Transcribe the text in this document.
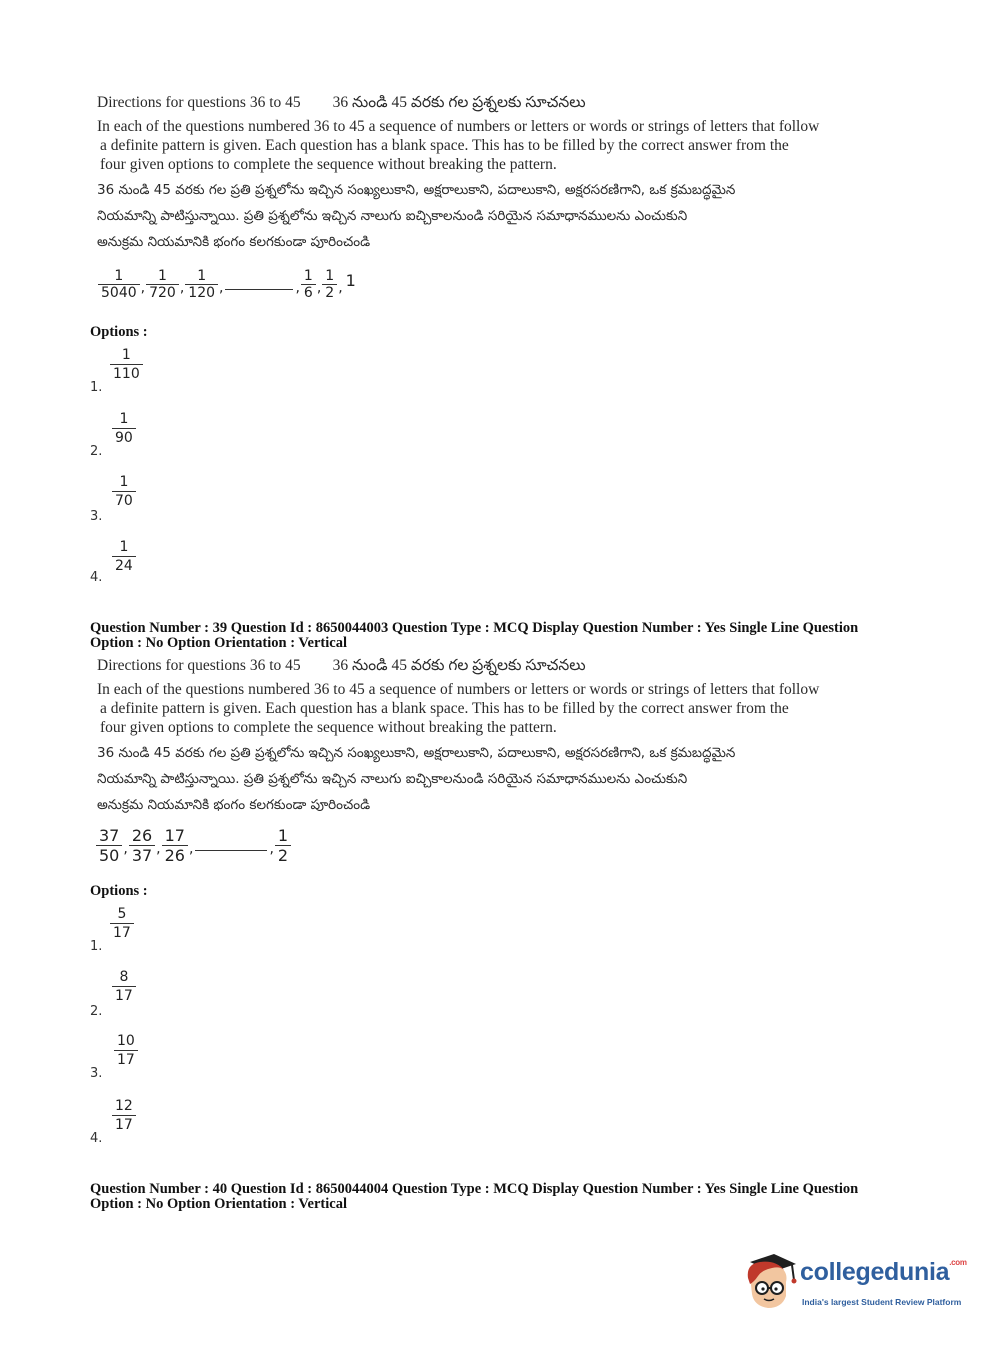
Directions for questions 36 to 45 36 నుండి 45 వరకు గల ప్రశ్నలకు సూచనలు

In each of the questions numbered 36 to 45 a sequence of numbers or letters or words or strings of letters that follow

a definite pattern is given. Each question has a blank space. This has to be filled by the correct answer from the

four given options to complete the sequence without breaking the pattern.

36 నుండి 45 వరకు గల ప్రతి ప్రశ్నలోను ఇచ్చిన సంఖ్యలుకాని, అక్షరాలుకాని, పదాలుకాని, అక్షరసరణిగాని, ఒక క్రమబద్ధమైన

నియమాన్ని పాటిస్తున్నాయి. ప్రతి ప్రశ్నలోను ఇచ్చిన నాలుగు ఐచ్చికాలనుండి సరియైన సమాధానములను ఎంచుకుని

అనుక్రమ నియమానికి భంగం కలగకుండా పూరించండి

$\frac{1}{5040}$ , $\frac{1}{720}$ , $\frac{1}{120}$ ,	, $\frac{1}{6}$ , $\frac{1}{2}$ , 1
Options :
1.
1
110
2.
1
90
3.
1
70
4.
1
24
Question Number : 39 Question Id : 8650044003 Question Type : MCQ Display Question Number : Yes Single Line Question
Option : No Option Orientation : Vertical
Directions for questions 36 to 45 36 నుండి 45 వరకు గల ప్రశ్నలకు సూచనలు

In each of the questions numbered 36 to 45 a sequence of numbers or letters or words or strings of letters that follow

a definite pattern is given. Each question has a blank space. This has to be filled by the correct answer from the

four given options to complete the sequence without breaking the pattern.

36 నుండి 45 వరకు గల ప్రతి ప్రశ్నలోను ఇచ్చిన సంఖ్యలుకాని, అక్షరాలుకాని, పదాలుకాని, అక్షరసరణిగాని, ఒక క్రమబద్ధమైన

నియమాన్ని పాటిస్తున్నాయి. ప్రతి ప్రశ్నలోను ఇచ్చిన నాలుగు ఐచ్చికాలనుండి సరియైన సమాధానములను ఎంచుకుని

అనుక్రమ నియమానికి భంగం కలగకుండా పూరించండి

$\frac{37}{50}$ , $\frac{26}{37}$ , $\frac{17}{26}$ ,	, $\frac{1}{2}$
Options :
1.
5
17
2.
8
17
3.
10
17
4.
12
17
Question Number : 40 Question Id : 8650044004 Question Type : MCQ Display Question Number : Yes Single Line Question
Option : No Option Orientation : Vertical
collegedunia$^{.com}$
India's largest Student Review Platform
